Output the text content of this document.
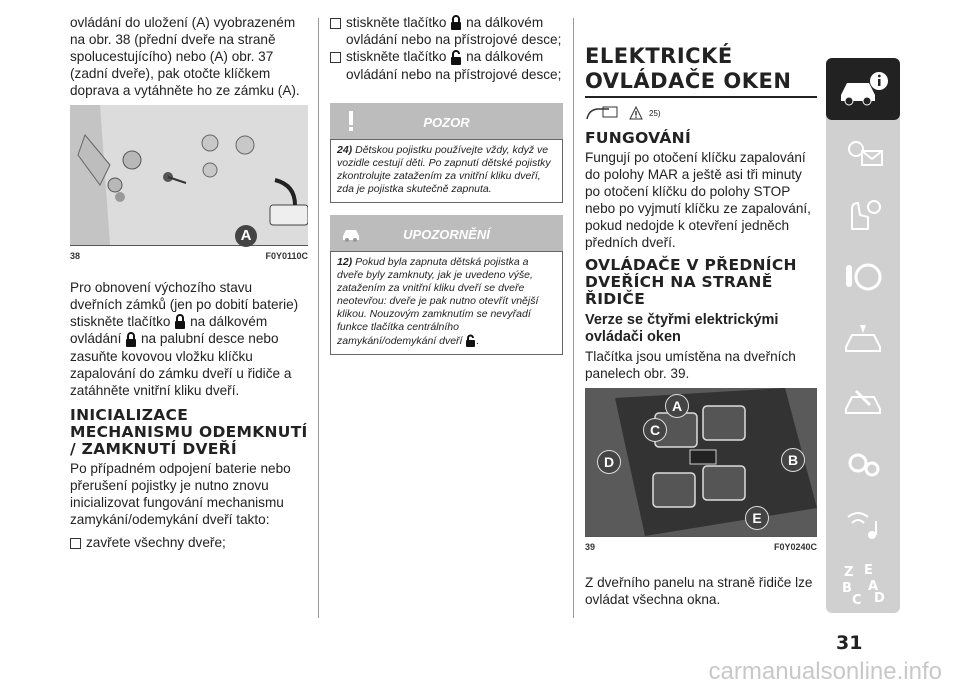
ovládání do uložení (A) vyobrazeném na obr. 38 (přední dveře na straně spolucestujícího) nebo (A) obr. 37 (zadní dveře), pak otočte klíčkem doprava a vytáhněte ho ze zámku (A).

A
38	F0Y0110C

Pro obnovení výchozího stavu dveřních zámků (jen po dobití baterie) stiskněte tlačítko na dálkovém ovládání na palubní desce nebo zasuňte kovovou vložku klíčku zapalování do zámku dveří u řidiče a zatáhněte vnitřní kliku dveří.

INICIALIZACE MECHANISMU ODEMKNUTÍ / ZAMKNUTÍ DVEŘÍ

Po případném odpojení baterie nebo přerušení pojistky je nutno znovu inicializovat fungování mechanismu zamykání/odemykání dveří takto:

zavřete všechny dveře;
stiskněte tlačítko na dálkovém ovládání nebo na přístrojové desce;
stiskněte tlačítko na dálkovém ovládání nebo na přístrojové desce;
POZOR
24) Dětskou pojistku používejte vždy, když ve vozidle cestují děti. Po zapnutí dětské pojistky zkontrolujte zatažením za vnitřní kliku dveří, zda je pojistka skutečně zapnuta.
UPOZORNĚNÍ
12) Pokud byla zapnuta dětská pojistka a dveře byly zamknuty, jak je uvedeno výše, zatažením za vnitřní kliku dveří se dveře neotevřou: dveře je pak nutno otevřít vnější klikou. Nouzovým zamknutím se nevyřadí funkce tlačítka centrálního zamykání/odemykání dveří .
ELEKTRICKÉ OVLÁDAČE OKEN
25)
FUNGOVÁNÍ

Fungují po otočení klíčku zapalování do polohy MAR a ještě asi tři minuty po otočení klíčku do polohy STOP nebo po vyjmutí klíčku ze zapalování, pokud nedojde k otevření jedněch předních dveří.

OVLÁDAČE V PŘEDNÍCH DVEŘÍCH NA STRANĚ ŘIDIČE
Verze se čtyřmi elektrickými ovládači oken

Tlačítka jsou umístěna na dveřních panelech obr. 39.

A
B
C
D
E
39	F0Y0240C

Z dveřního panelu na straně řidiče lze ovládat všechna okna.

Z E
B A
C D
31
carmanualsonline.info
